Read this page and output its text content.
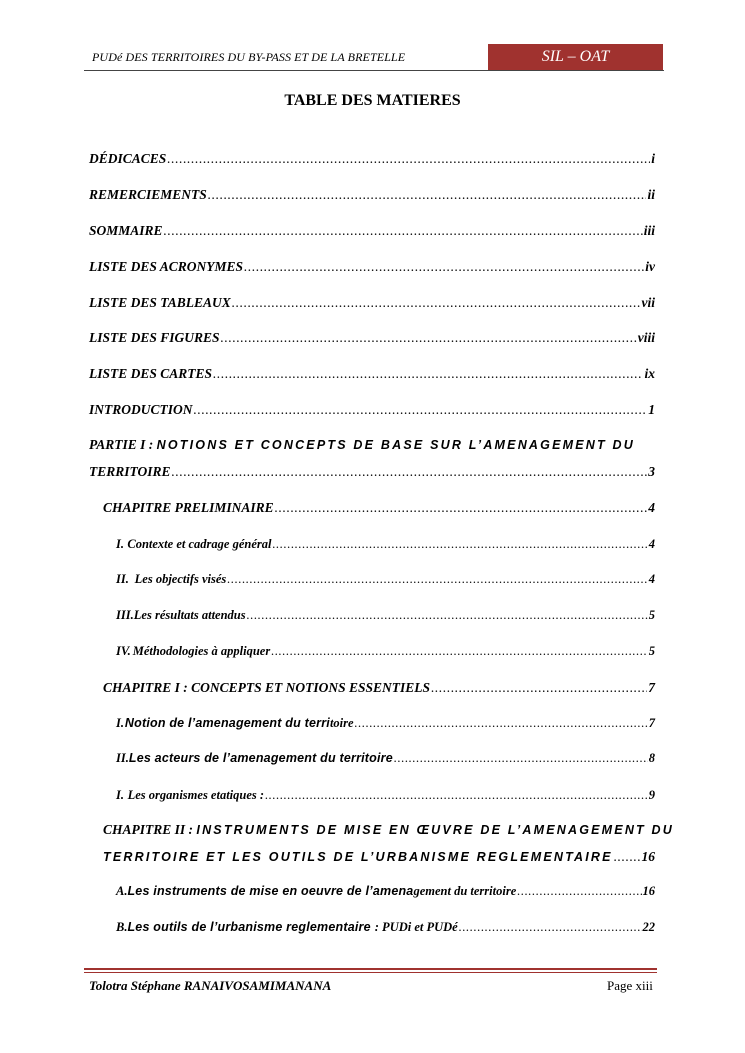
PUDé DES TERRITOIRES DU BY-PASS ET DE LA BRETELLE	SIL – OAT
TABLE DES MATIERES
DÉDICACES .....	i
REMERCIEMENTS .....	ii
SOMMAIRE .....	iii
LISTE DES ACRONYMES .....	iv
LISTE DES TABLEAUX .....	vii
LISTE DES FIGURES .....	viii
LISTE DES CARTES .....	ix
INTRODUCTION .....	1
PARTIE I : NOTIONS ET CONCEPTS DE BASE SUR L’AMENAGEMENT DU
TERRITOIRE .....	3
CHAPITRE PRELIMINAIRE .....	4
I. Contexte et cadrage général .....	4
II. Les objectifs visés .....	4
III. Les résultats attendus .....	5
IV. Méthodologies à appliquer .....	5
CHAPITRE I : CONCEPTS ET NOTIONS ESSENTIELS .....	7
I. Notion de l’amenagement du terri toire .....	7
II. Les acteurs de l’amenagement du territoire .....	8
I. Les organismes etatiques : .....	9
CHAPITRE II : INSTRUMENTS DE MISE EN ŒUVRE DE L’AMENAGEMENT DU
TERRITOIRE ET LES OUTILS DE L’URBANISME REGLEMENTAIRE ..... 16
A. Les instruments de mise en oeuvre de l’amena gement du territoire .....	16
B. Les outils de l’urbanisme reglementaire : PUDi et PUDé .....	22
Tolotra Stéphane RANAIVOSAMIMANANA	Page xiii
